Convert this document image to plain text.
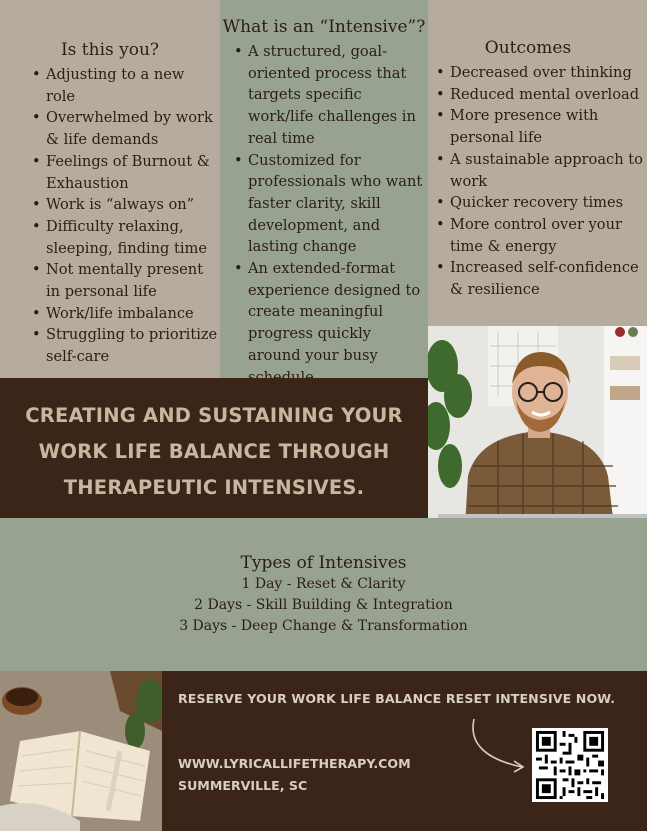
Is this you?
• Adjusting to a new role
• Overwhelmed by work & life demands
• Feelings of Burnout & Exhaustion
• Work is “always on”
• Difficulty relaxing, sleeping, finding time
• Not mentally present in personal life
• Work/life imbalance
• Struggling to prioritize self-care
What is an “Intensive”?
• A structured, goal-oriented process that targets specific work/life challenges in real time
• Customized for professionals who want faster clarity, skill development, and lasting change
• An extended-format experience designed to create meaningful progress quickly around your busy
Outcomes
• Decreased over thinking
• Reduced mental overload
• More presence with personal life
• A sustainable approach to work
• Quicker recovery times
• More control over your time & energy
• Increased self-confidence & resilience
CREATING AND SUSTAINING YOUR
WORK LIFE BALANCE THROUGH
THERAPEUTIC INTENSIVES.
Types of Intensives
1 Day - Reset & Clarity
2 Days - Skill Building & Integration
3 Days - Deep Change & Transformation
RESERVE YOUR WORK LIFE BALANCE RESET INTENSIVE NOW.
WWW.LYRICALLIFETHERAPY.COM
SUMMERVILLE, SC
